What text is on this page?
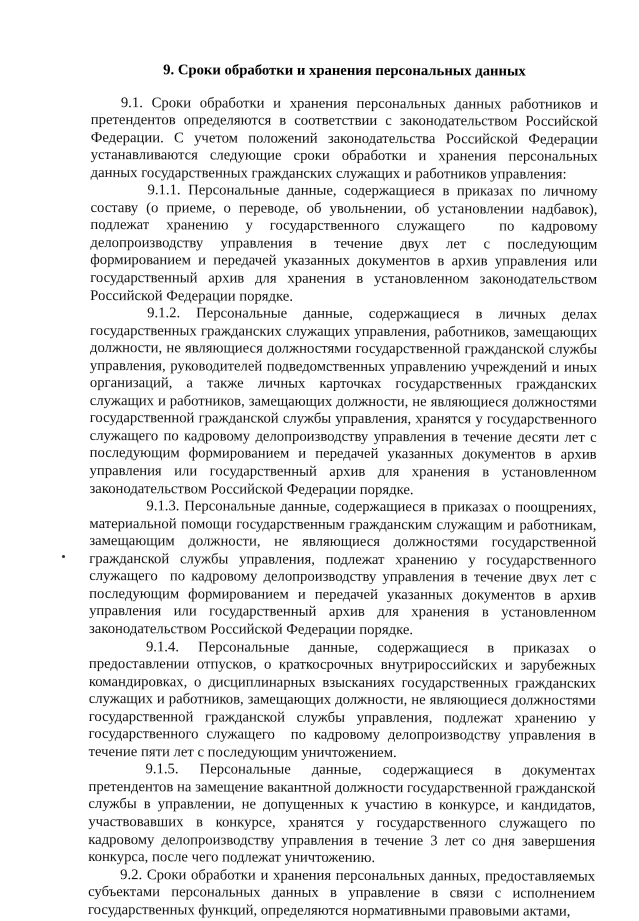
9. Сроки обработки и хранения персональных данных

9.1. Сроки обработки и хранения персональных данных работников и претендентов определяются в соответствии с законодательством Российской Федерации. С учетом положений законодательства Российской Федерации устанавливаются следующие сроки обработки и хранения персональных данных государственных гражданских служащих и работников управления:

9.1.1. Персональные данные, содержащиеся в приказах по личному составу (о приеме, о переводе, об увольнении, об установлении надбавок), подлежат хранению у государственного служащего  по кадровому делопроизводству управления в течение двух лет с последующим формированием и передачей указанных документов в архив управления или государственный архив для хранения в установленном законодательством Российской Федерации порядке.

9.1.2. Персональные данные, содержащиеся в личных делах государственных гражданских служащих управления, работников, замещающих должности, не являющиеся должностями государственной гражданской службы управления, руководителей подведомственных управлению учреждений и иных организаций, а также личных карточках государственных гражданских служащих и работников, замещающих должности, не являющиеся должностями государственной гражданской службы управления, хранятся у государственного служащего по кадровому делопроизводству управления в течение десяти лет с последующим формированием и передачей указанных документов в архив управления или государственный архив для хранения в установленном законодательством Российской Федерации порядке.

9.1.3. Персональные данные, содержащиеся в приказах о поощрениях, материальной помощи государственным гражданским служащим и работникам, замещающим должности, не являющиеся должностями государственной гражданской службы управления, подлежат хранению у государственного служащего  по кадровому делопроизводству управления в течение двух лет с последующим формированием и передачей указанных документов в архив управления или государственный архив для хранения в установленном законодательством Российской Федерации порядке.

9.1.4. Персональные данные, содержащиеся в приказах о предоставлении отпусков, о краткосрочных внутрироссийских и зарубежных командировках, о дисциплинарных взысканиях государственных гражданских служащих и работников, замещающих должности, не являющиеся должностями государственной гражданской службы управления, подлежат хранению у государственного служащего  по кадровому делопроизводству управления в течение пяти лет с последующим уничтожением.

9.1.5. Персональные данные, содержащиеся в документах претендентов на замещение вакантной должности государственной гражданской службы в управлении, не допущенных к участию в конкурсе, и кандидатов, участвовавших в конкурсе, хранятся у государственного служащего по кадровому делопроизводству управления в течение 3 лет со дня завершения конкурса, после чего подлежат уничтожению.

9.2. Сроки обработки и хранения персональных данных, предоставляемых субъектами персональных данных в управление в связи с исполнением государственных функций, определяются нормативными правовыми актами,
